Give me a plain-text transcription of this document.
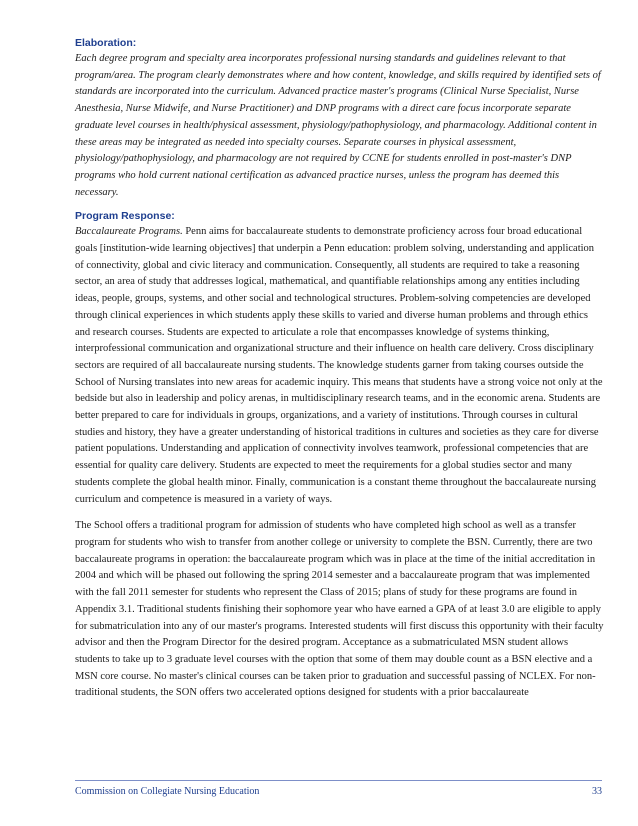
Elaboration:

Each degree program and specialty area incorporates professional nursing standards and guidelines relevant to that program/area. The program clearly demonstrates where and how content, knowledge, and skills required by identified sets of standards are incorporated into the curriculum. Advanced practice master's programs (Clinical Nurse Specialist, Nurse Anesthesia, Nurse Midwife, and Nurse Practitioner) and DNP programs with a direct care focus incorporate separate graduate level courses in health/physical assessment, physiology/pathophysiology, and pharmacology. Additional content in these areas may be integrated as needed into specialty courses. Separate courses in physical assessment, physiology/pathophysiology, and pharmacology are not required by CCNE for students enrolled in post-master's DNP programs who hold current national certification as advanced practice nurses, unless the program has deemed this necessary.

Program Response:

Baccalaureate Programs. Penn aims for baccalaureate students to demonstrate proficiency across four broad educational goals [institution-wide learning objectives] that underpin a Penn education: problem solving, understanding and application of connectivity, global and civic literacy and communication. Consequently, all students are required to take a reasoning sector, an area of study that addresses logical, mathematical, and quantifiable relationships among any entities including ideas, people, groups, systems, and other social and technological structures. Problem-solving competencies are developed through clinical experiences in which students apply these skills to varied and diverse human problems and through ethics and research courses. Students are expected to articulate a role that encompasses knowledge of systems thinking, interprofessional communication and organizational structure and their influence on health care delivery. Cross disciplinary sectors are required of all baccalaureate nursing students. The knowledge students garner from taking courses outside the School of Nursing translates into new areas for academic inquiry. This means that students have a strong voice not only at the bedside but also in leadership and policy arenas, in multidisciplinary research teams, and in the economic arena. Students are better prepared to care for individuals in groups, organizations, and a variety of institutions. Through courses in cultural studies and history, they have a greater understanding of historical traditions in cultures and societies as they care for diverse patient populations. Understanding and application of connectivity involves teamwork, professional competencies that are essential for quality care delivery. Students are expected to meet the requirements for a global studies sector and many students complete the global health minor. Finally, communication is a constant theme throughout the baccalaureate nursing curriculum and competence is measured in a variety of ways.

The School offers a traditional program for admission of students who have completed high school as well as a transfer program for students who wish to transfer from another college or university to complete the BSN. Currently, there are two baccalaureate programs in operation: the baccalaureate program which was in place at the time of the initial accreditation in 2004 and which will be phased out following the spring 2014 semester and a baccalaureate program that was implemented with the fall 2011 semester for students who represent the Class of 2015; plans of study for these programs are found in Appendix 3.1. Traditional students finishing their sophomore year who have earned a GPA of at least 3.0 are eligible to apply for submatriculation into any of our master's programs. Interested students will first discuss this opportunity with their faculty advisor and then the Program Director for the desired program. Acceptance as a submatriculated MSN student allows students to take up to 3 graduate level courses with the option that some of them may double count as a BSN elective and a MSN core course. No master's clinical courses can be taken prior to graduation and successful passing of NCLEX. For non-traditional students, the SON offers two accelerated options designed for students with a prior baccalaureate

Commission on Collegiate Nursing Education	33
